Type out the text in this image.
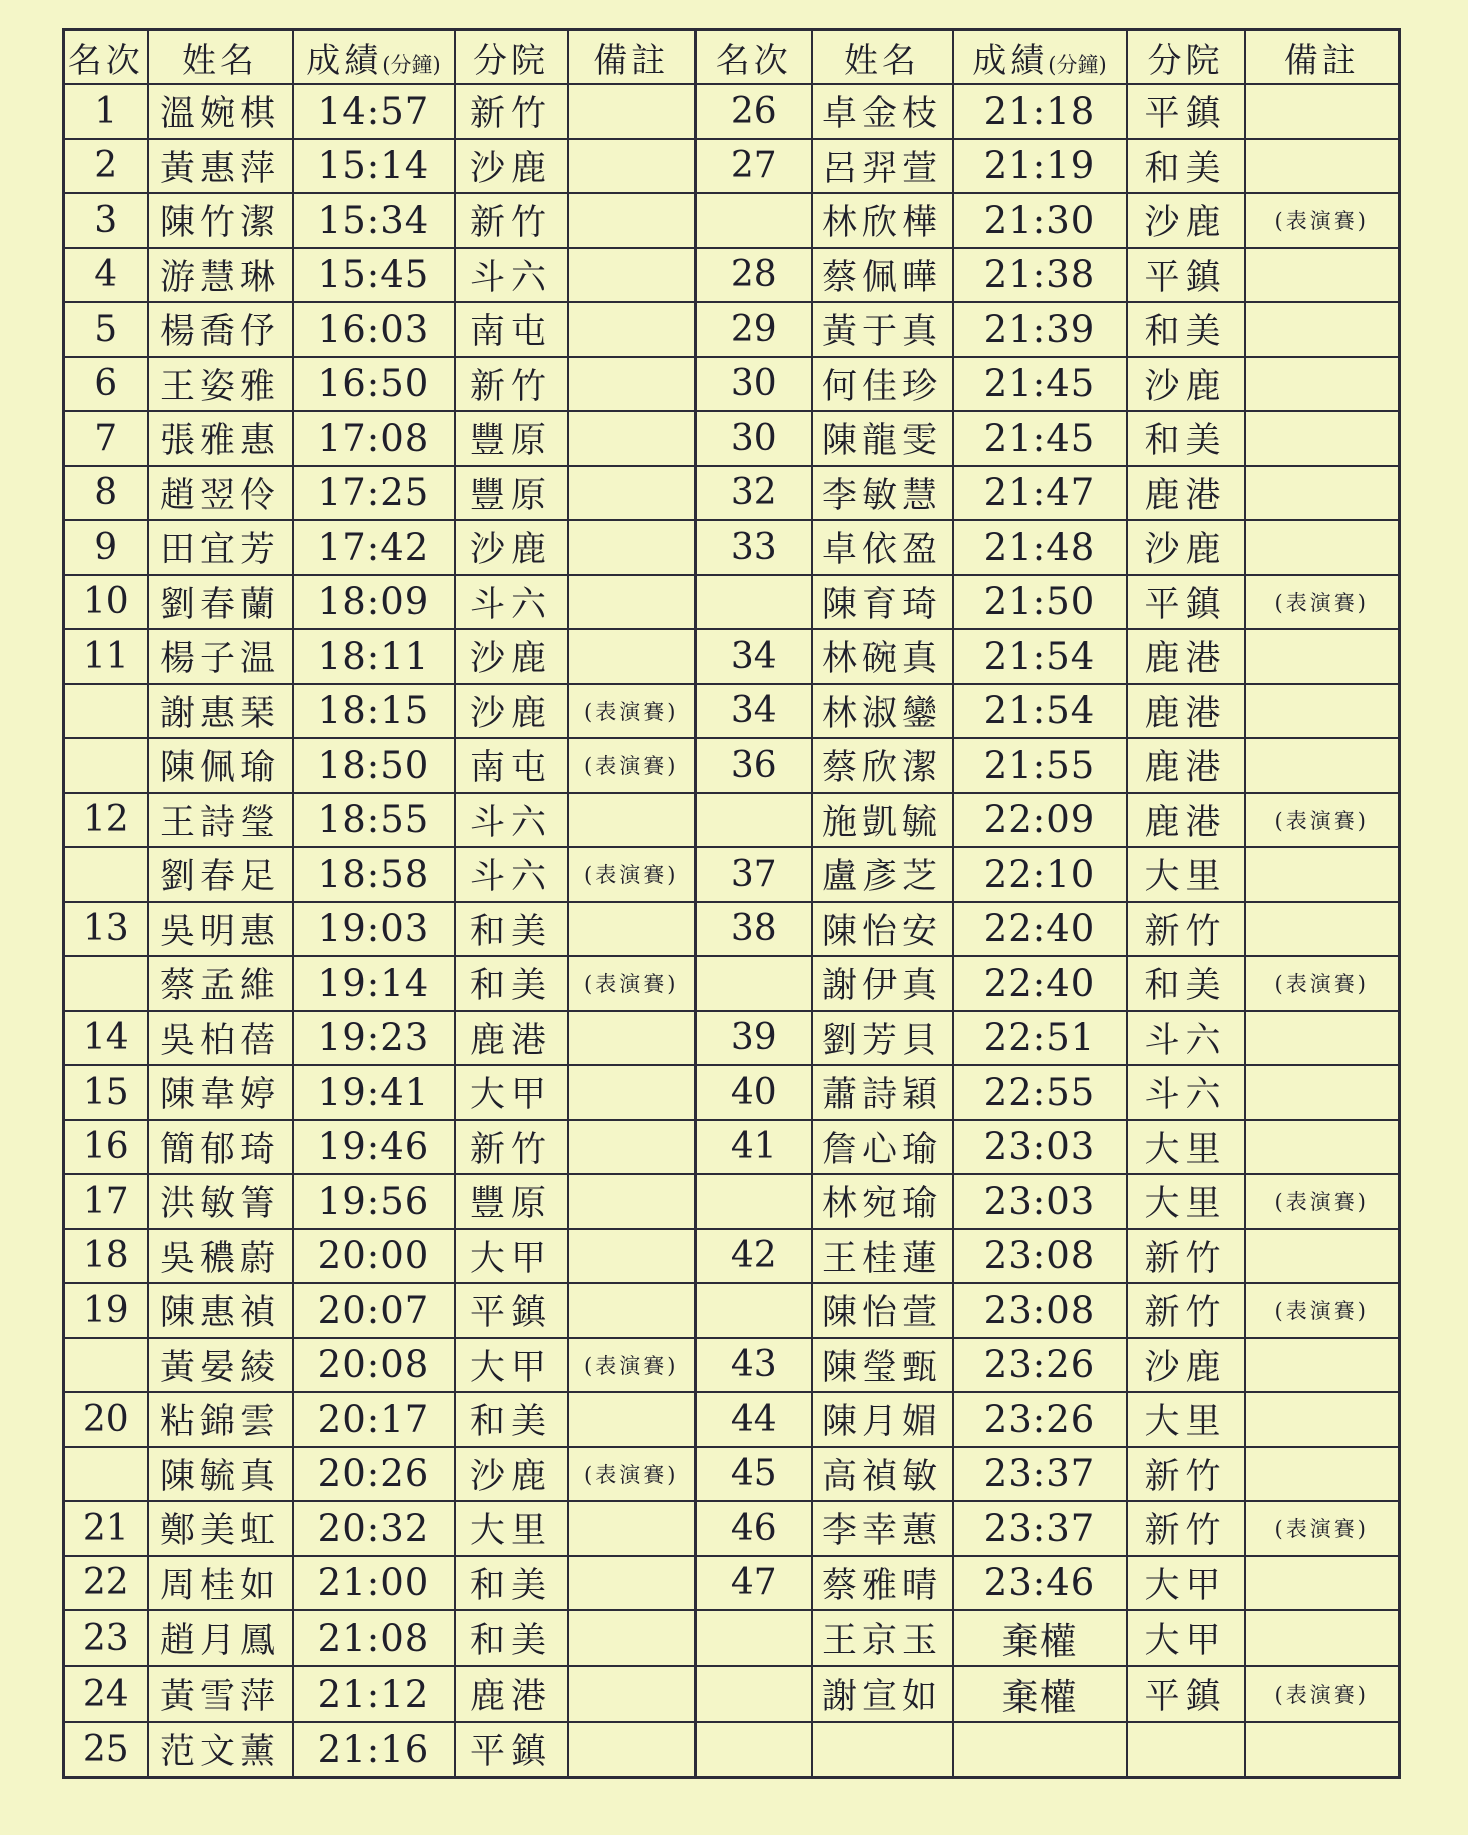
名次	姓名	成績(分鐘)	分院	備註	名次	姓名	成績(分鐘)	分院	備註
1	溫婉棋	14:57	新竹		26	卓金枝	21:18	平鎮	
2	黃惠萍	15:14	沙鹿		27	呂羿萱	21:19	和美	
3	陳竹潔	15:34	新竹			林欣樺	21:30	沙鹿	(表演賽)
4	游慧琳	15:45	斗六		28	蔡佩曄	21:38	平鎮	
5	楊喬伃	16:03	南屯		29	黃于真	21:39	和美	
6	王姿雅	16:50	新竹		30	何佳珍	21:45	沙鹿	
7	張雅惠	17:08	豐原		30	陳龍雯	21:45	和美	
8	趙翌伶	17:25	豐原		32	李敏慧	21:47	鹿港	
9	田宜芳	17:42	沙鹿		33	卓依盈	21:48	沙鹿	
10	劉春蘭	18:09	斗六			陳育琦	21:50	平鎮	(表演賽)
11	楊子温	18:11	沙鹿		34	林碗真	21:54	鹿港	
	謝惠琹	18:15	沙鹿	(表演賽)	34	林淑鑾	21:54	鹿港	
	陳佩瑜	18:50	南屯	(表演賽)	36	蔡欣潔	21:55	鹿港	
12	王詩瑩	18:55	斗六			施凱毓	22:09	鹿港	(表演賽)
	劉春足	18:58	斗六	(表演賽)	37	盧彥芝	22:10	大里	
13	吳明惠	19:03	和美		38	陳怡安	22:40	新竹	
	蔡孟維	19:14	和美	(表演賽)		謝伊真	22:40	和美	(表演賽)
14	吳柏蓓	19:23	鹿港		39	劉芳貝	22:51	斗六	
15	陳韋婷	19:41	大甲		40	蕭詩穎	22:55	斗六	
16	簡郁琦	19:46	新竹		41	詹心瑜	23:03	大里	
17	洪敏箐	19:56	豐原			林宛瑜	23:03	大里	(表演賽)
18	吳穠蔚	20:00	大甲		42	王桂蓮	23:08	新竹	
19	陳惠禎	20:07	平鎮			陳怡萱	23:08	新竹	(表演賽)
	黃晏綾	20:08	大甲	(表演賽)	43	陳瑩甄	23:26	沙鹿	
20	粘錦雲	20:17	和美		44	陳月媚	23:26	大里	
	陳毓真	20:26	沙鹿	(表演賽)	45	高禎敏	23:37	新竹	
21	鄭美虹	20:32	大里		46	李幸蕙	23:37	新竹	(表演賽)
22	周桂如	21:00	和美		47	蔡雅晴	23:46	大甲	
23	趙月鳳	21:08	和美			王京玉	棄權	大甲	
24	黃雪萍	21:12	鹿港			謝宣如	棄權	平鎮	(表演賽)
25	范文薰	21:16	平鎮						
